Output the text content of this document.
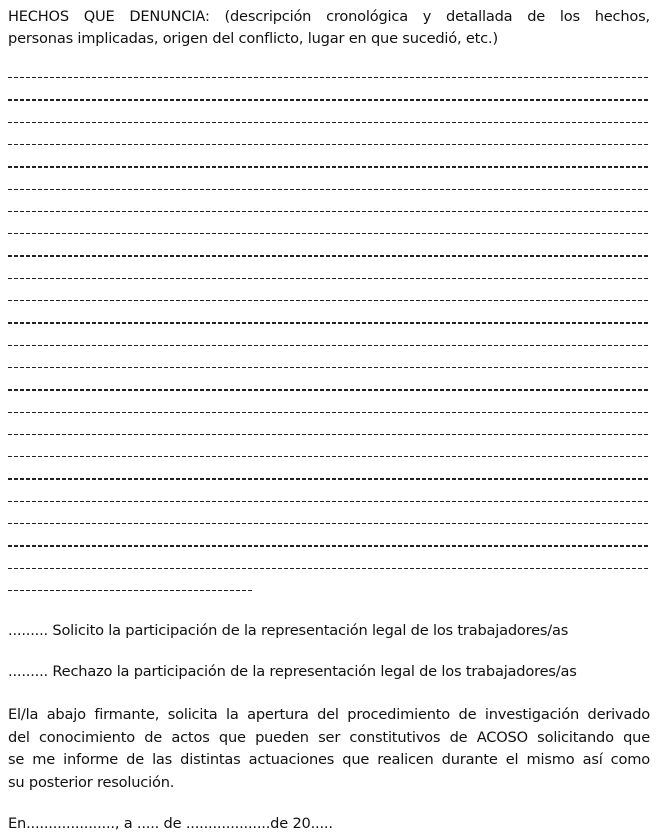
HECHOS QUE DENUNCIA: (descripción cronológica y detallada de los hechos,
personas implicadas, origen del conflicto, lugar en que sucedió, etc.)
......... Solicito la participación de la representación legal de los trabajadores/as
......... Rechazo la participación de la representación legal de los trabajadores/as
El/la abajo firmante, solicita la apertura del procedimiento de investigación derivado
del conocimiento de actos que pueden ser constitutivos de ACOSO solicitando que
se me informe de las distintas actuaciones que realicen durante el mismo así como
su posterior resolución.
En...................., a ..... de ...................de 20.....
